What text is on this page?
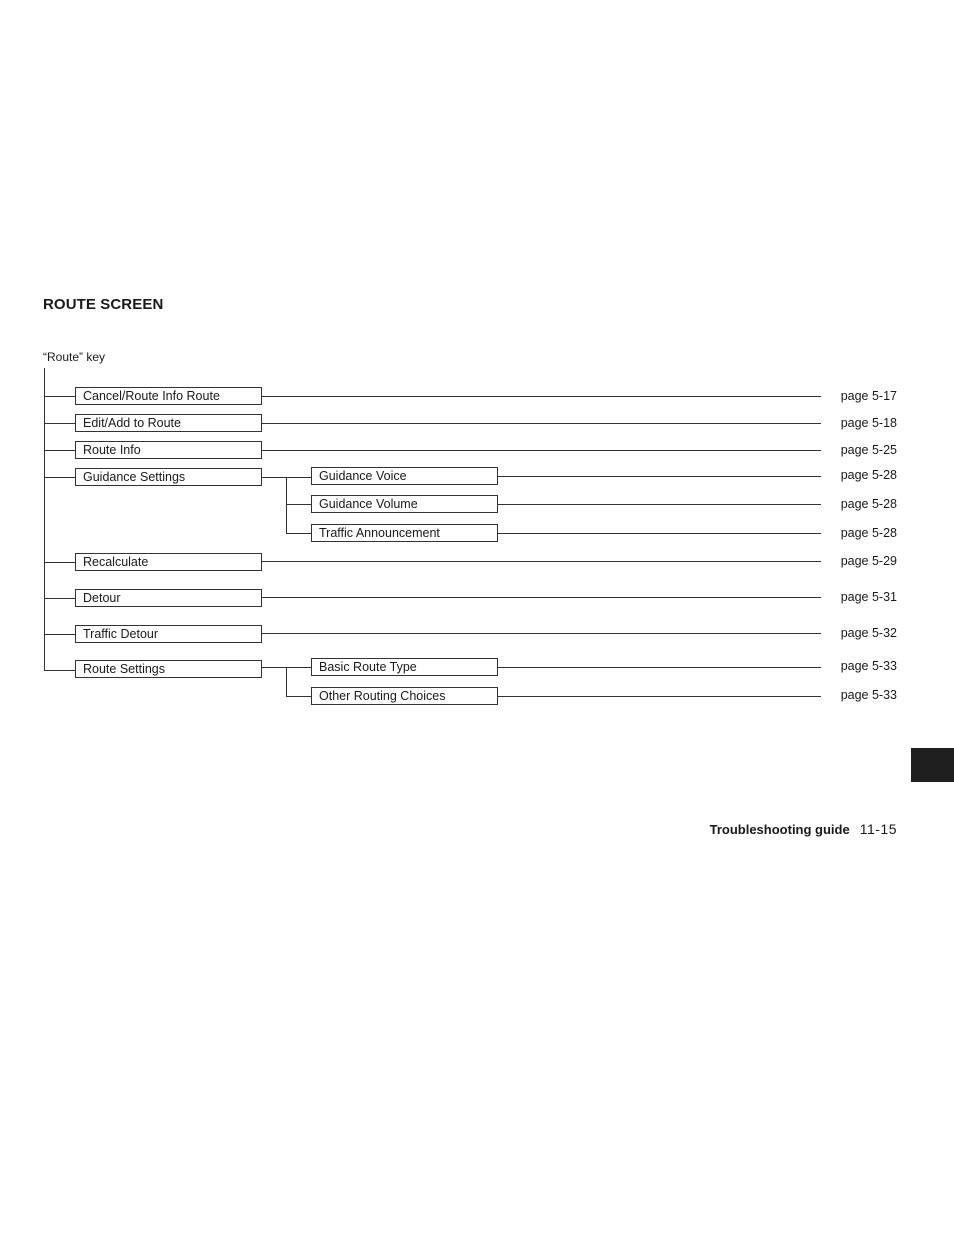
ROUTE SCREEN
“Route” key
Cancel/Route Info Route	page 5-17
Edit/Add to Route	page 5-18
Route Info	page 5-25
Guidance Settings	Guidance Voice	page 5-28
Guidance Volume	page 5-28
Traffic Announcement	page 5-28
Recalculate	page 5-29
Detour	page 5-31
Traffic Detour	page 5-32
Route Settings	Basic Route Type	page 5-33
Other Routing Choices	page 5-33
Troubleshooting guide 11-15
